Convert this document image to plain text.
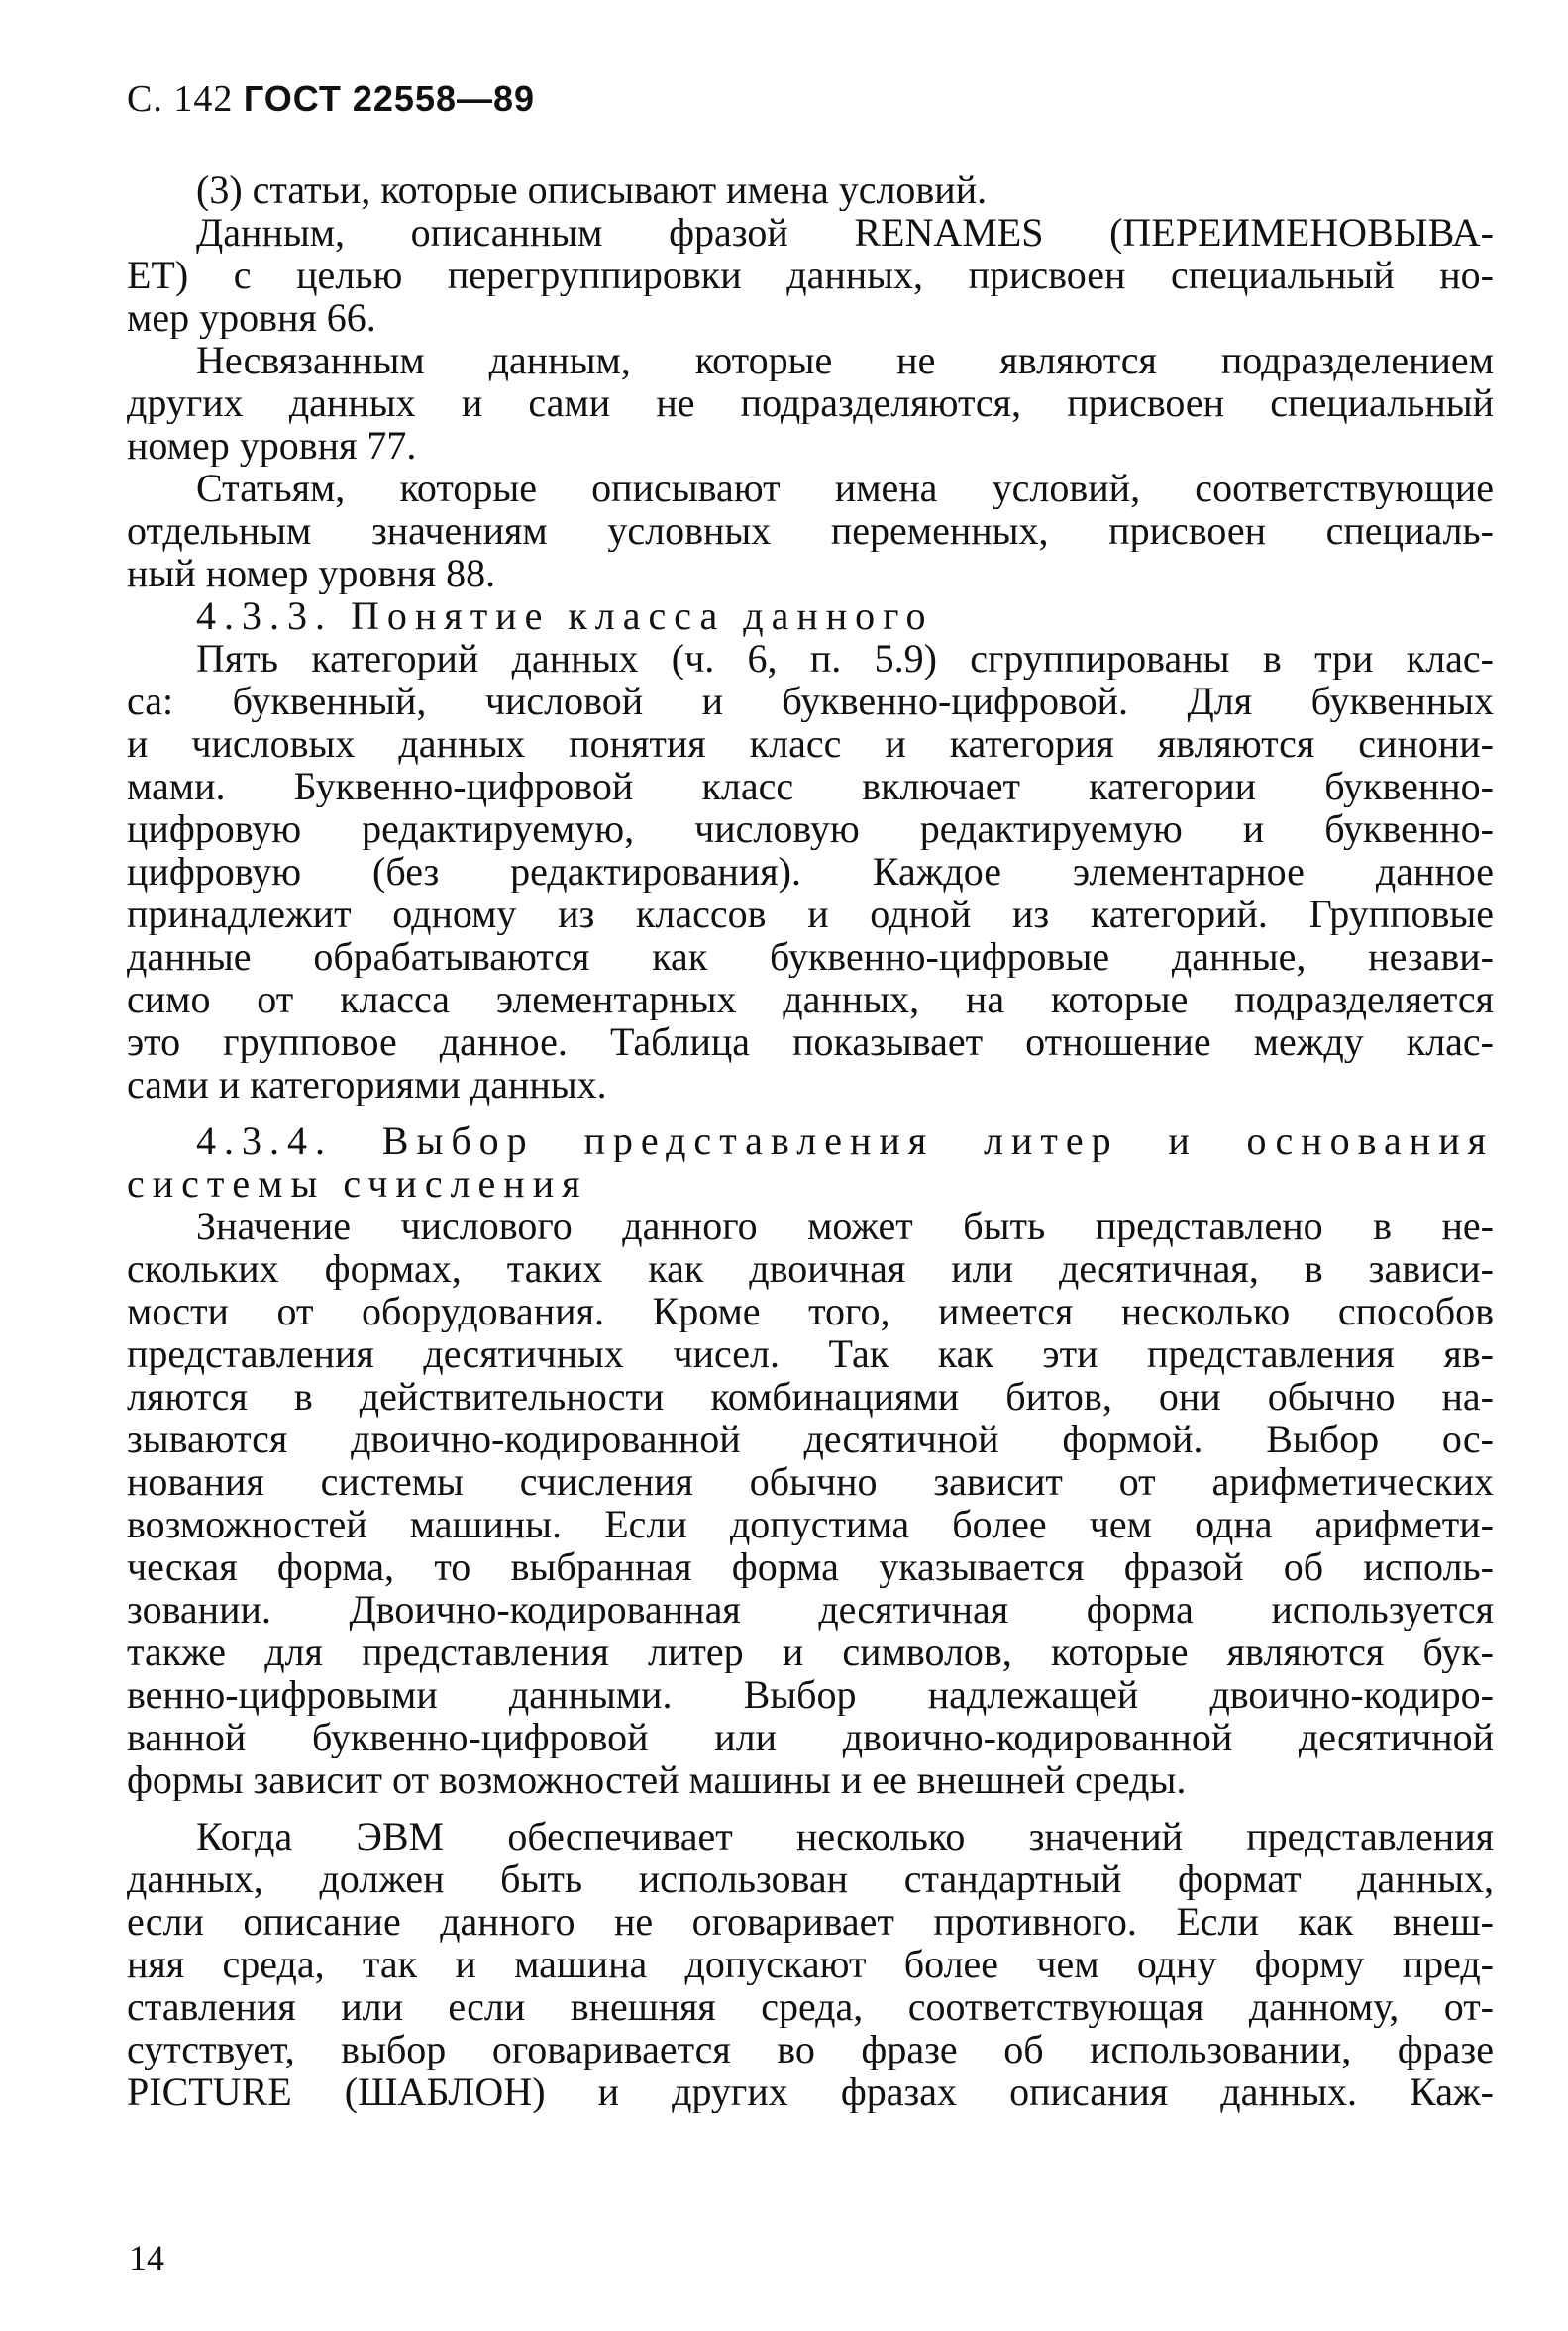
С. 142 ГОСТ 22558—89
(3) статьи, которые описывают имена условий.
Данным, описанным фразой RENAMES (ПЕРЕИМЕНОВЫВА-
ЕТ) с целью перегруппировки данных, присвоен специальный но-
мер уровня 66.
Несвязанным данным, которые не являются подразделением
других данных и сами не подразделяются, присвоен специальный
номер уровня 77.
Статьям, которые описывают имена условий, соответствующие
отдельным значениям условных переменных, присвоен специаль-
ный номер уровня 88.
4.3.3. Понятие класса данного
Пять категорий данных (ч. 6, п. 5.9) сгруппированы в три клас-
са: буквенный, числовой и буквенно-цифровой. Для буквенных
и числовых данных понятия класс и категория являются синони-
мами. Буквенно-цифровой класс включает категории буквенно-
цифровую редактируемую, числовую редактируемую и буквенно-
цифровую (без редактирования). Каждое элементарное данное
принадлежит одному из классов и одной из категорий. Групповые
данные обрабатываются как буквенно-цифровые данные, незави-
симо от класса элементарных данных, на которые подразделяется
это групповое данное. Таблица показывает отношение между клас-
сами и категориями данных.
4.3.4. Выбор представления литер и основания
системы счисления
Значение числового данного может быть представлено в не-
скольких формах, таких как двоичная или десятичная, в зависи-
мости от оборудования. Кроме того, имеется несколько способов
представления десятичных чисел. Так как эти представления яв-
ляются в действительности комбинациями битов, они обычно на-
зываются двоично-кодированной десятичной формой. Выбор ос-
нования системы счисления обычно зависит от арифметических
возможностей машины. Если допустима более чем одна арифмети-
ческая форма, то выбранная форма указывается фразой об исполь-
зовании. Двоично-кодированная десятичная форма используется
также для представления литер и символов, которые являются бук-
венно-цифровыми данными. Выбор надлежащей двоично-кодиро-
ванной буквенно-цифровой или двоично-кодированной десятичной
формы зависит от возможностей машины и ее внешней среды.
Когда ЭВМ обеспечивает несколько значений представления
данных, должен быть использован стандартный формат данных,
если описание данного не оговаривает противного. Если как внеш-
няя среда, так и машина допускают более чем одну форму пред-
ставления или если внешняя среда, соответствующая данному, от-
сутствует, выбор оговаривается во фразе об использовании, фразе
PICTURE (ШАБЛОН) и других фразах описания данных. Каж-
14
